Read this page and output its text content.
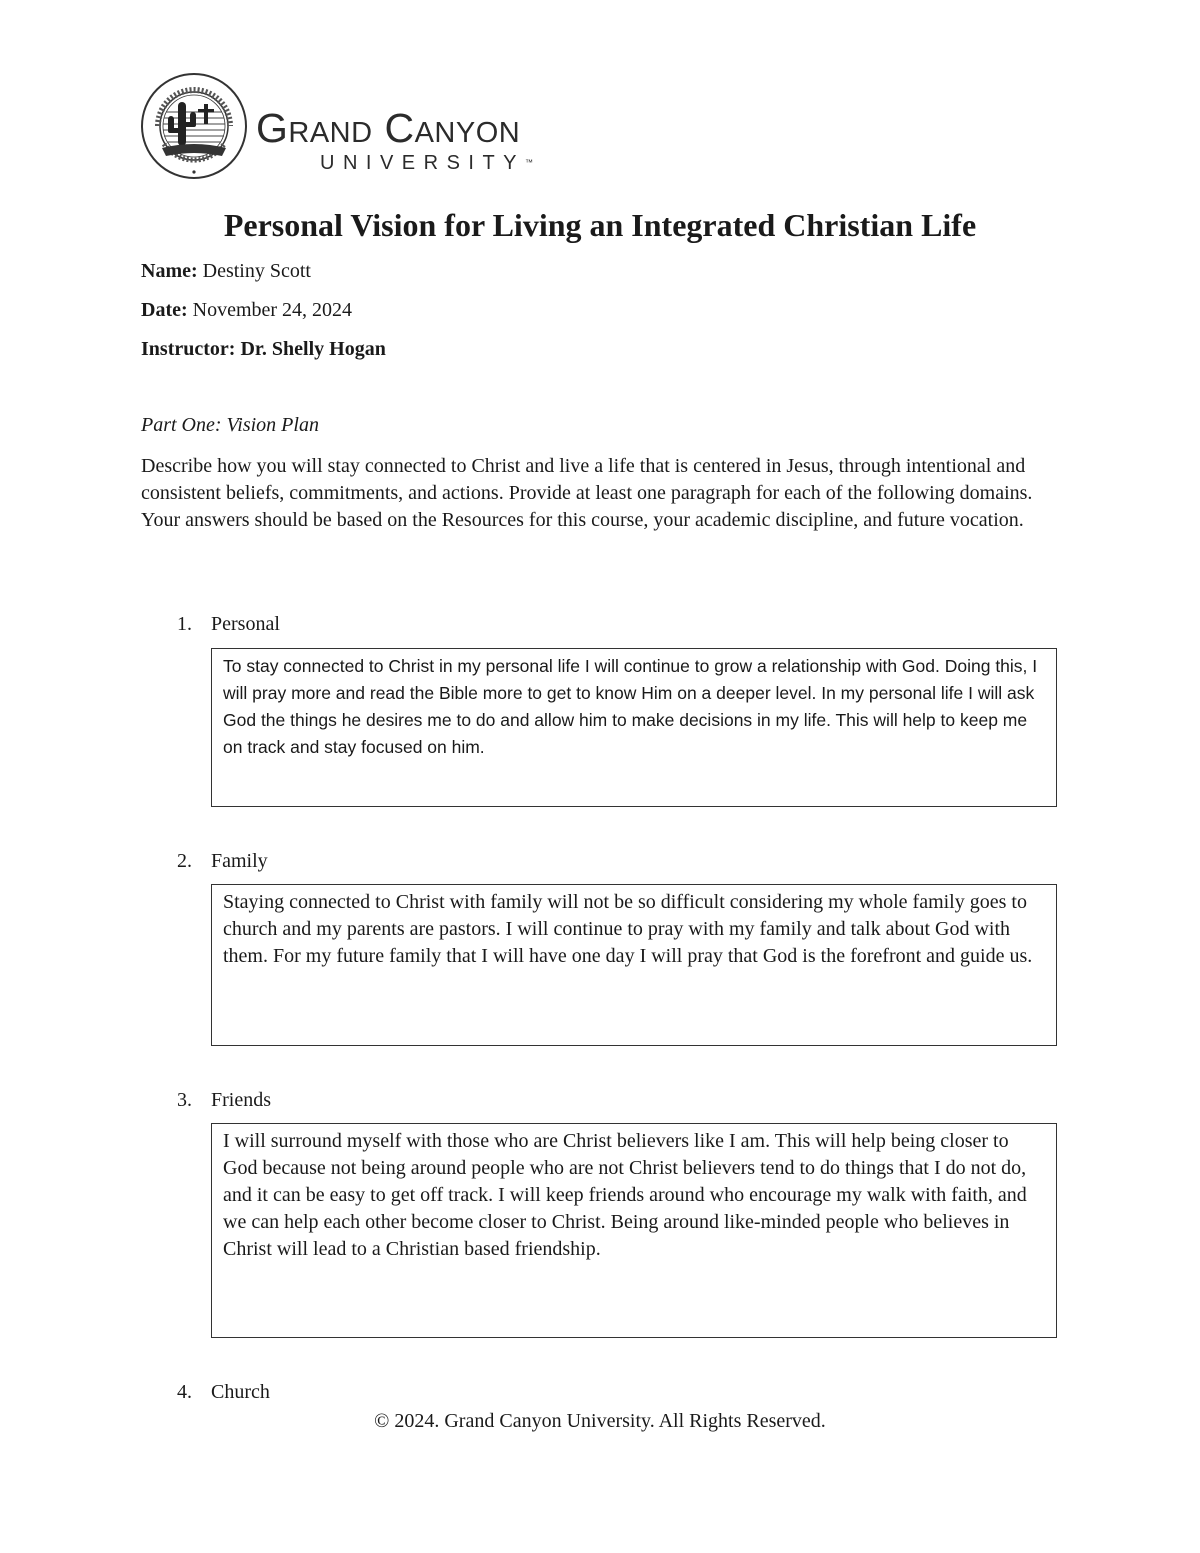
Grand Canyon
UNIVERSITY™
Personal Vision for Living an Integrated Christian Life
Name: Destiny Scott
Date: November 24, 2024
Instructor: Dr. Shelly Hogan
Part One: Vision Plan
Describe how you will stay connected to Christ and live a life that is centered in Jesus, through intentional and consistent beliefs, commitments, and actions. Provide at least one paragraph for each of the following domains. Your answers should be based on the Resources for this course, your academic discipline, and future vocation.
1. Personal
To stay connected to Christ in my personal life I will continue to grow a relationship with God. Doing this, I will pray more and read the Bible more to get to know Him on a deeper level. In my personal life I will ask God the things he desires me to do and allow him to make decisions in my life. This will help to keep me on track and stay focused on him.
2. Family
Staying connected to Christ with family will not be so difficult considering my whole family goes to church and my parents are pastors. I will continue to pray with my family and talk about God with them. For my future family that I will have one day I will pray that God is the forefront and guide us.
3. Friends
I will surround myself with those who are Christ believers like I am. This will help being closer to God because not being around people who are not Christ believers tend to do things that I do not do, and it can be easy to get off track. I will keep friends around who encourage my walk with faith, and we can help each other become closer to Christ. Being around like-minded people who believes in Christ will lead to a Christian based friendship.
4. Church
© 2024. Grand Canyon University. All Rights Reserved.
